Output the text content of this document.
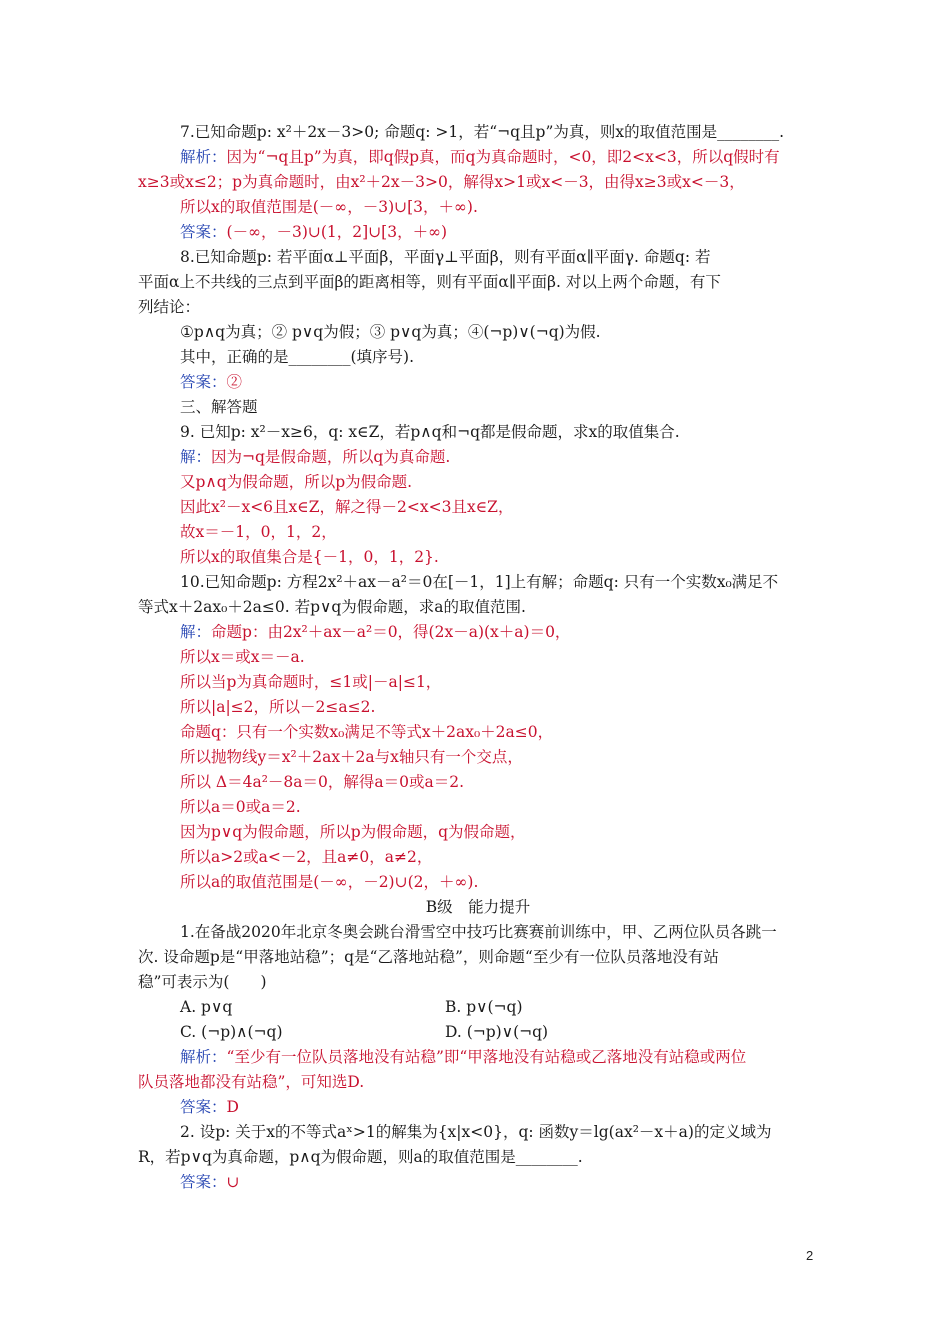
7.已知命题p: x²＋2x－3>0; 命题q: >1，若“¬q且p”为真，则x的取值范围是________.
解析：因为“¬q且p”为真，即q假p真，而q为真命题时，<0，即2<x<3，所以q假时有
x≥3或x≤2；p为真命题时，由x²＋2x－3>0，解得x>1或x<－3，由得x≥3或x<－3，
所以x的取值范围是(－∞，－3)∪[3，＋∞).
答案：(－∞，－3)∪(1，2]∪[3，＋∞)
8.已知命题p: 若平面α⊥平面β，平面γ⊥平面β，则有平面α∥平面γ. 命题q: 若
平面α上不共线的三点到平面β的距离相等，则有平面α∥平面β. 对以上两个命题，有下
列结论：
①p∧q为真；② p∨q为假；③ p∨q为真；④(¬p)∨(¬q)为假.
其中，正确的是________(填序号).
答案：②
三、解答题
9. 已知p: x²－x≥6，q: x∈Z，若p∧q和¬q都是假命题，求x的取值集合.
解：因为¬q是假命题，所以q为真命题.
又p∧q为假命题，所以p为假命题.
因此x²－x<6且x∈Z，解之得－2<x<3且x∈Z，
故x＝－1，0，1，2，
所以x的取值集合是{－1，0，1，2}.
10.已知命题p: 方程2x²＋ax－a²＝0在[－1，1]上有解；命题q: 只有一个实数x₀满足不
等式x＋2ax₀＋2a≤0. 若p∨q为假命题，求a的取值范围.
解：命题p：由2x²＋ax－a²＝0，得(2x－a)(x＋a)＝0，
所以x＝或x＝－a.
所以当p为真命题时，≤1或|－a|≤1，
所以|a|≤2，所以－2≤a≤2.
命题q：只有一个实数x₀满足不等式x＋2ax₀＋2a≤0，
所以抛物线y＝x²＋2ax＋2a与x轴只有一个交点，
所以 Δ＝4a²－8a＝0，解得a＝0或a＝2.
所以a＝0或a＝2.
因为p∨q为假命题，所以p为假命题，q为假命题，
所以a>2或a<－2，且a≠0，a≠2，
所以a的取值范围是(－∞，－2)∪(2，＋∞).
B级　能力提升
1.在备战2020年北京冬奥会跳台滑雪空中技巧比赛赛前训练中，甲、乙两位队员各跳一
次. 设命题p是“甲落地站稳”；q是“乙落地站稳”，则命题“至少有一位队员落地没有站
稳”可表示为(　　)
A. p∨q	B. p∨(¬q)
C. (¬p)∧(¬q)	D. (¬p)∨(¬q)
解析：“至少有一位队员落地没有站稳”即“甲落地没有站稳或乙落地没有站稳或两位
队员落地都没有站稳”，可知选D.
答案：D
2. 设p: 关于x的不等式aˣ>1的解集为{x|x<0}，q: 函数y＝lg(ax²－x＋a)的定义域为
R，若p∨q为真命题，p∧q为假命题，则a的取值范围是________.
答案：∪
2
